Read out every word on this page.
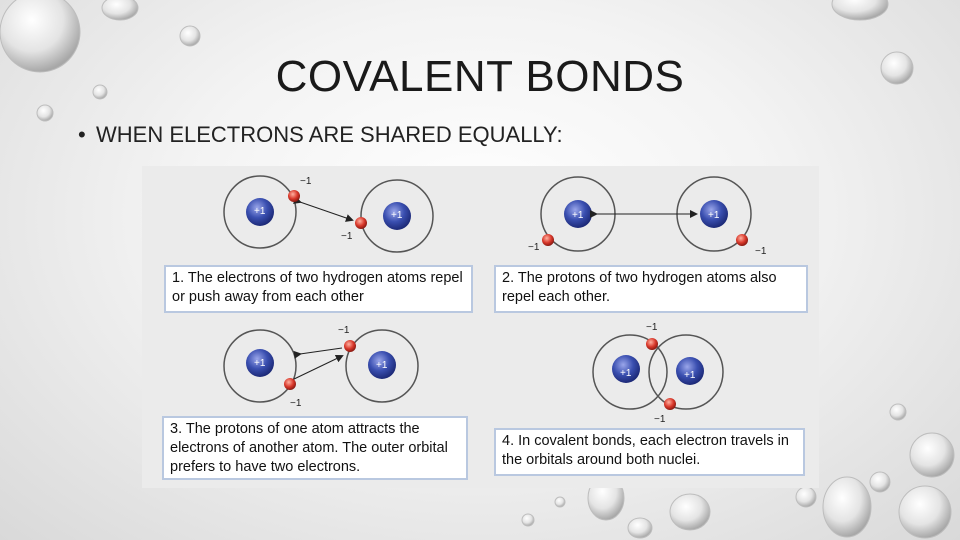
COVALENT BONDS
• WHEN ELECTRONS ARE SHARED EQUALLY:
+1	+1
−1
−1
+1	+1
−1	−1
+1	+1
−1
−1
+1	+1
−1
−1
1. The electrons of two hydrogen atoms repel or push away from each other
2. The protons of two hydrogen atoms also repel each other.
3. The protons of one atom attracts the electrons of another atom. The outer orbital prefers to have two electrons.
4. In covalent bonds, each electron travels in the orbitals around both nuclei.
